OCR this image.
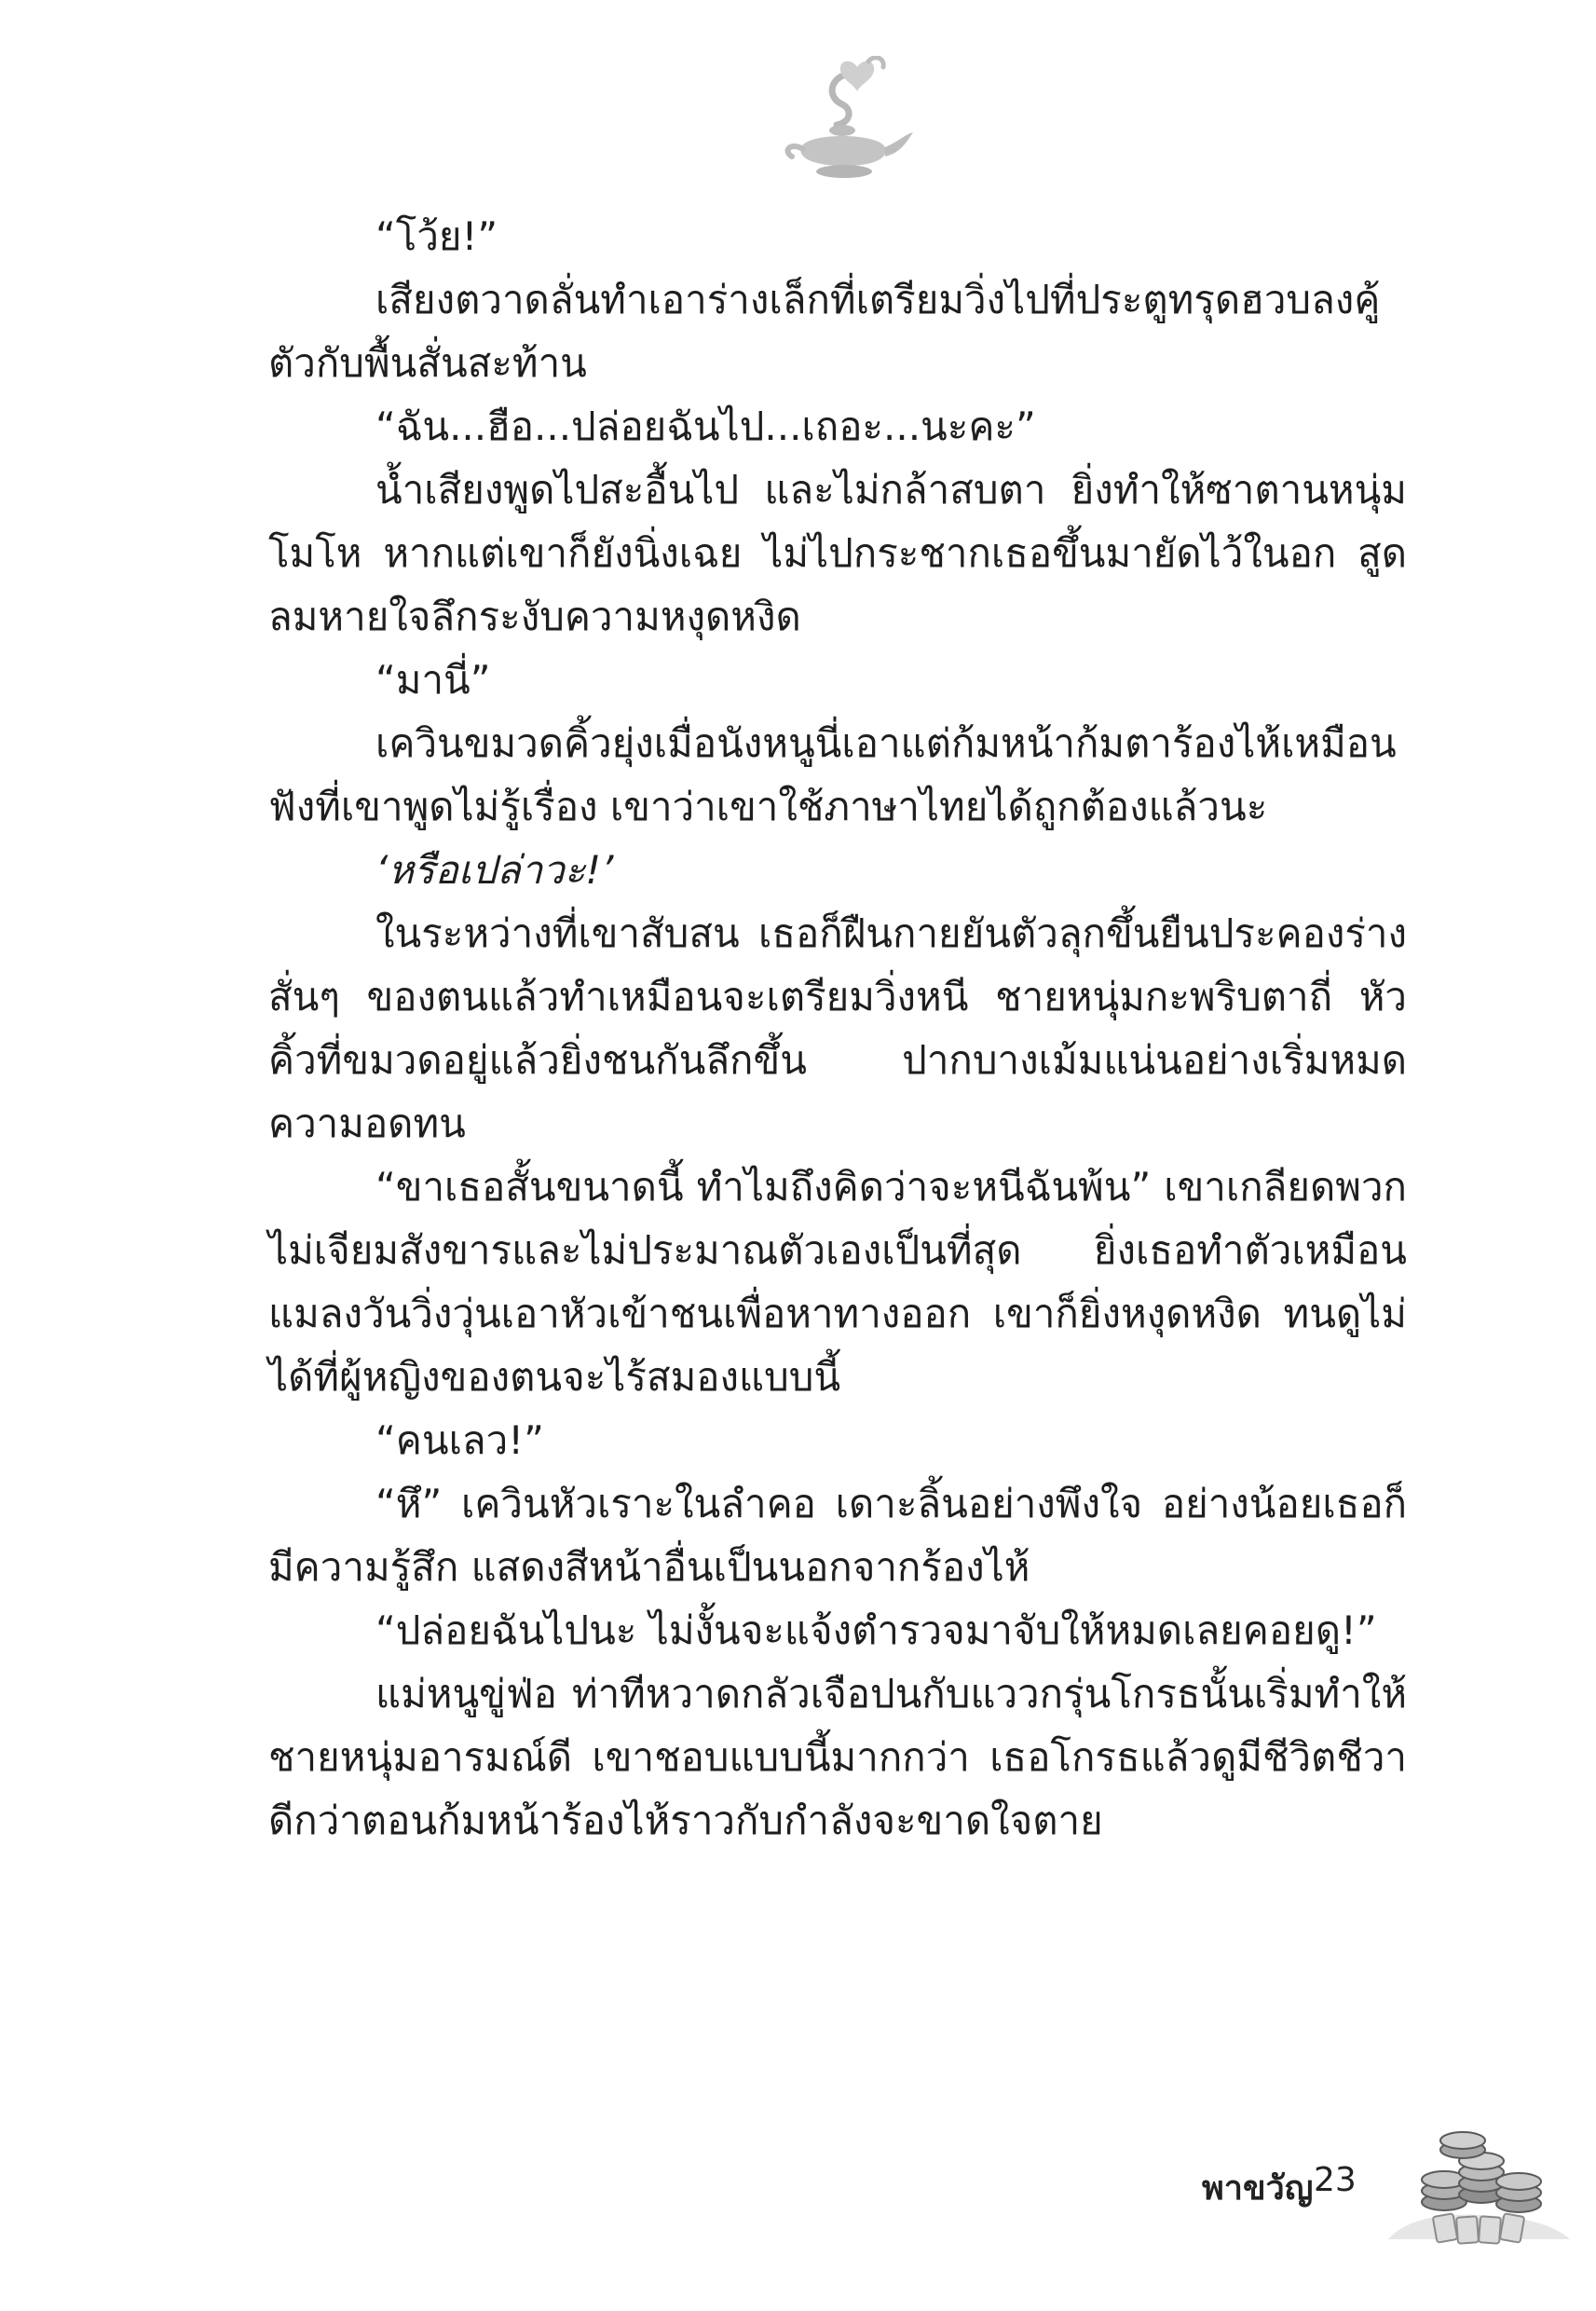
“โว้ย!”

เสียงตวาดลั่นทำเอาร่างเล็กที่เตรียมวิ่งไปที่ประตูทรุดฮวบลงคู้ตัวกับพื้นสั่นสะท้าน

“ฉัน...ฮือ...ปล่อยฉันไป...เถอะ...นะคะ”

น้ำเสียงพูดไปสะอื้นไป และไม่กล้าสบตา ยิ่งทำให้ซาตานหนุ่มโมโห หากแต่เขาก็ยังนิ่งเฉย ไม่ไปกระชากเธอขึ้นมายัดไว้ในอก สูดลมหายใจลึกระงับความหงุดหงิด

“มานี่”

เควินขมวดคิ้วยุ่งเมื่อนังหนูนี่เอาแต่ก้มหน้าก้มตาร้องไห้เหมือนฟังที่เขาพูดไม่รู้เรื่อง เขาว่าเขาใช้ภาษาไทยได้ถูกต้องแล้วนะ

‘หรือเปล่าวะ!’

ในระหว่างที่เขาสับสน เธอก็ฝืนกายยันตัวลุกขึ้นยืนประคองร่างสั่นๆ ของตนแล้วทำเหมือนจะเตรียมวิ่งหนี ชายหนุ่มกะพริบตาถี่ หัวคิ้วที่ขมวดอยู่แล้วยิ่งชนกันลึกขึ้น ปากบางเม้มแน่นอย่างเริ่มหมดความอดทน

“ขาเธอสั้นขนาดนี้ ทำไมถึงคิดว่าจะหนีฉันพ้น” เขาเกลียดพวกไม่เจียมสังขารและไม่ประมาณตัวเองเป็นที่สุด ยิ่งเธอทำตัวเหมือนแมลงวันวิ่งวุ่นเอาหัวเข้าชนเพื่อหาทางออก เขาก็ยิ่งหงุดหงิด ทนดูไม่ได้ที่ผู้หญิงของตนจะไร้สมองแบบนี้

“คนเลว!”

“หึ” เควินหัวเราะในลำคอ เดาะลิ้นอย่างพึงใจ อย่างน้อยเธอก็มีความรู้สึก แสดงสีหน้าอื่นเป็นนอกจากร้องไห้

“ปล่อยฉันไปนะ ไม่งั้นจะแจ้งตำรวจมาจับให้หมดเลยคอยดู!”

แม่หนูขู่ฟ่อ ท่าทีหวาดกลัวเจือปนกับแววกรุ่นโกรธนั้นเริ่มทำให้ชายหนุ่มอารมณ์ดี เขาชอบแบบนี้มากกว่า เธอโกรธแล้วดูมีชีวิตชีวาดีกว่าตอนก้มหน้าร้องไห้ราวกับกำลังจะขาดใจตาย

พาขวัญ 23
